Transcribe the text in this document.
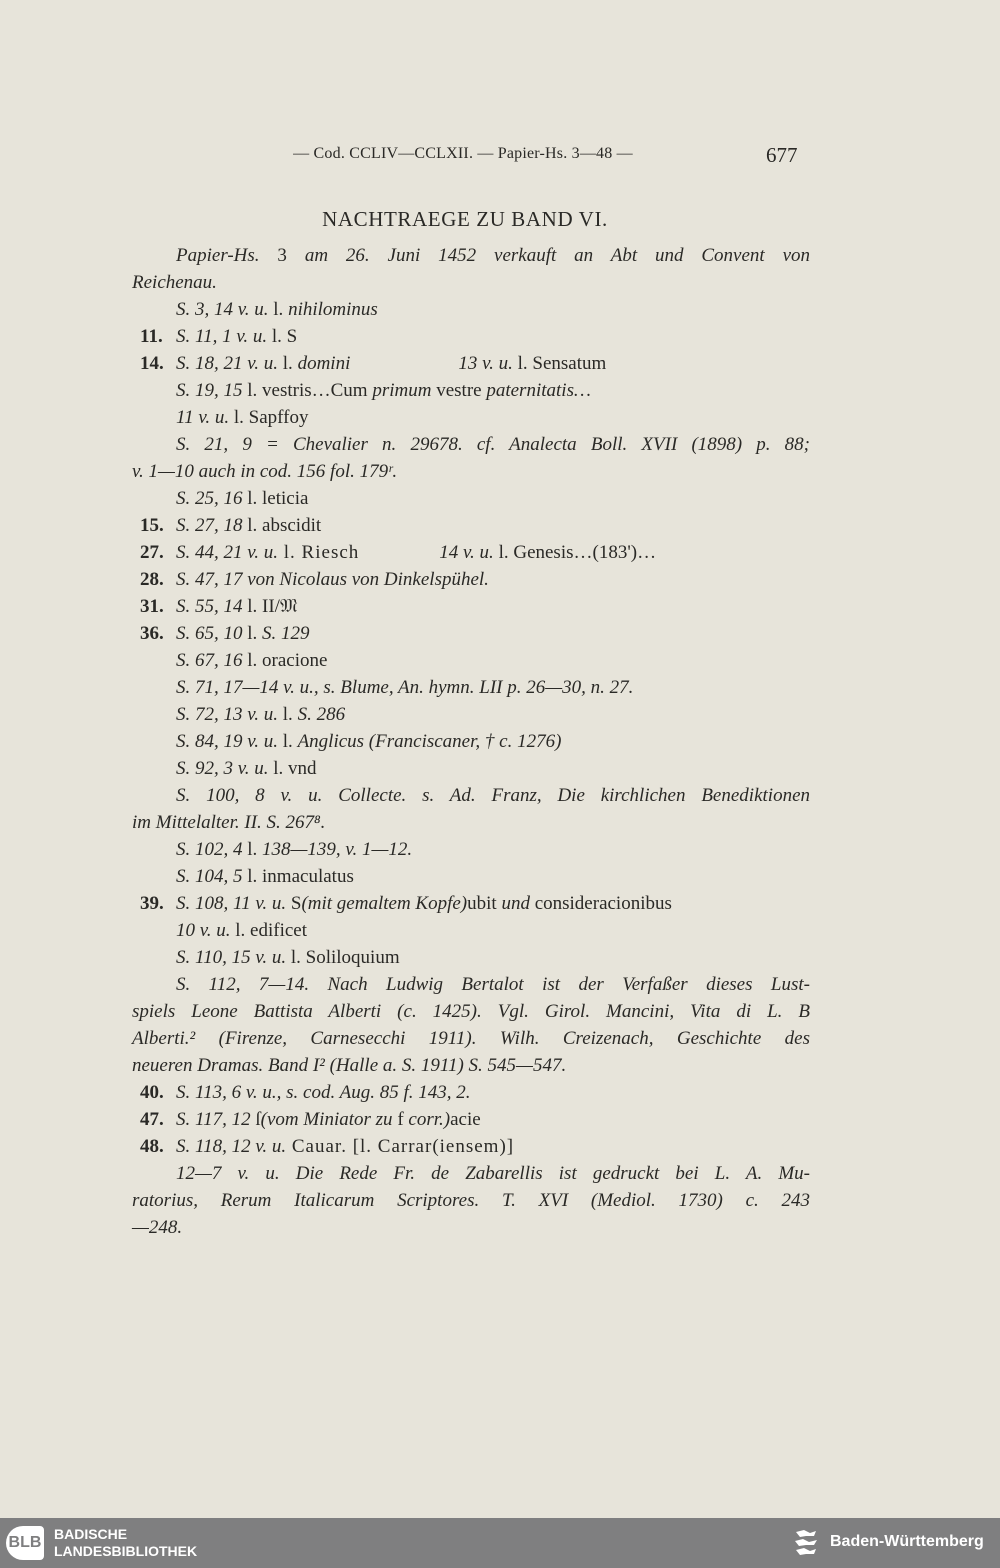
— Cod. CCLIV—CCLXII. — Papier-Hs. 3—48 —	677
NACHTRAEGE ZU BAND VI.
Papier-Hs. 3 am 26. Juni 1452 verkauft an Abt und Convent von
Reichenau.
S. 3, 14 v. u. l. nihilominus
11. S. 11, 1 v. u. l. S
14. S. 18, 21 v. u. l. domini	13 v. u. l. Sensatum
S. 19, 15 l. vestris…Cum primum vestre paternitatis…
11 v. u. l. Sapffoy
S. 21, 9 = Chevalier n. 29678. cf. Analecta Boll. XVII (1898) p. 88;
v. 1—10 auch in cod. 156 fol. 179ʳ.
S. 25, 16 l. leticia
15. S. 27, 18 l. abscidit
27. S. 44, 21 v. u. l. Riesch	14 v. u. l. Genesis…(183')…
28. S. 47, 17 von Nicolaus von Dinkelspühel.
31. S. 55, 14 l. II/𝔐
36. S. 65, 10 l. S. 129
S. 67, 16 l. oracione
S. 71, 17—14 v. u., s. Blume, An. hymn. LII p. 26—30, n. 27.
S. 72, 13 v. u. l. S. 286
S. 84, 19 v. u. l. Anglicus (Franciscaner, † c. 1276)
S. 92, 3 v. u. l. vnd
S. 100, 8 v. u. Collecte. s. Ad. Franz, Die kirchlichen Benediktionen
im Mittelalter. II. S. 267⁸.
S. 102, 4 l. 138—139, v. 1—12.
S. 104, 5 l. inmaculatus
39. S. 108, 11 v. u. S(mit gemaltem Kopfe)ubit und consideracionibus
10 v. u. l. edificet
S. 110, 15 v. u. l. Soliloquium
S. 112, 7—14. Nach Ludwig Bertalot ist der Verfaßer dieses Lust-
spiels Leone Battista Alberti (c. 1425). Vgl. Girol. Mancini, Vita di L. B
Alberti.² (Firenze, Carnesecchi 1911). Wilh. Creizenach, Geschichte des
neueren Dramas. Band I² (Halle a. S. 1911) S. 545—547.
40. S. 113, 6 v. u., s. cod. Aug. 85 f. 143, 2.
47. S. 117, 12 ſ(vom Miniator zu f corr.)acie
48. S. 118, 12 v. u. Cauar. [l. Carrar(iensem)]
12—7 v. u. Die Rede Fr. de Zabarellis ist gedruckt bei L. A. Mu-
ratorius, Rerum Italicarum Scriptores. T. XVI (Mediol. 1730) c. 243
—248.
BLB BADISCHE
LANDESBIBLIOTHEK
Baden-Württemberg
